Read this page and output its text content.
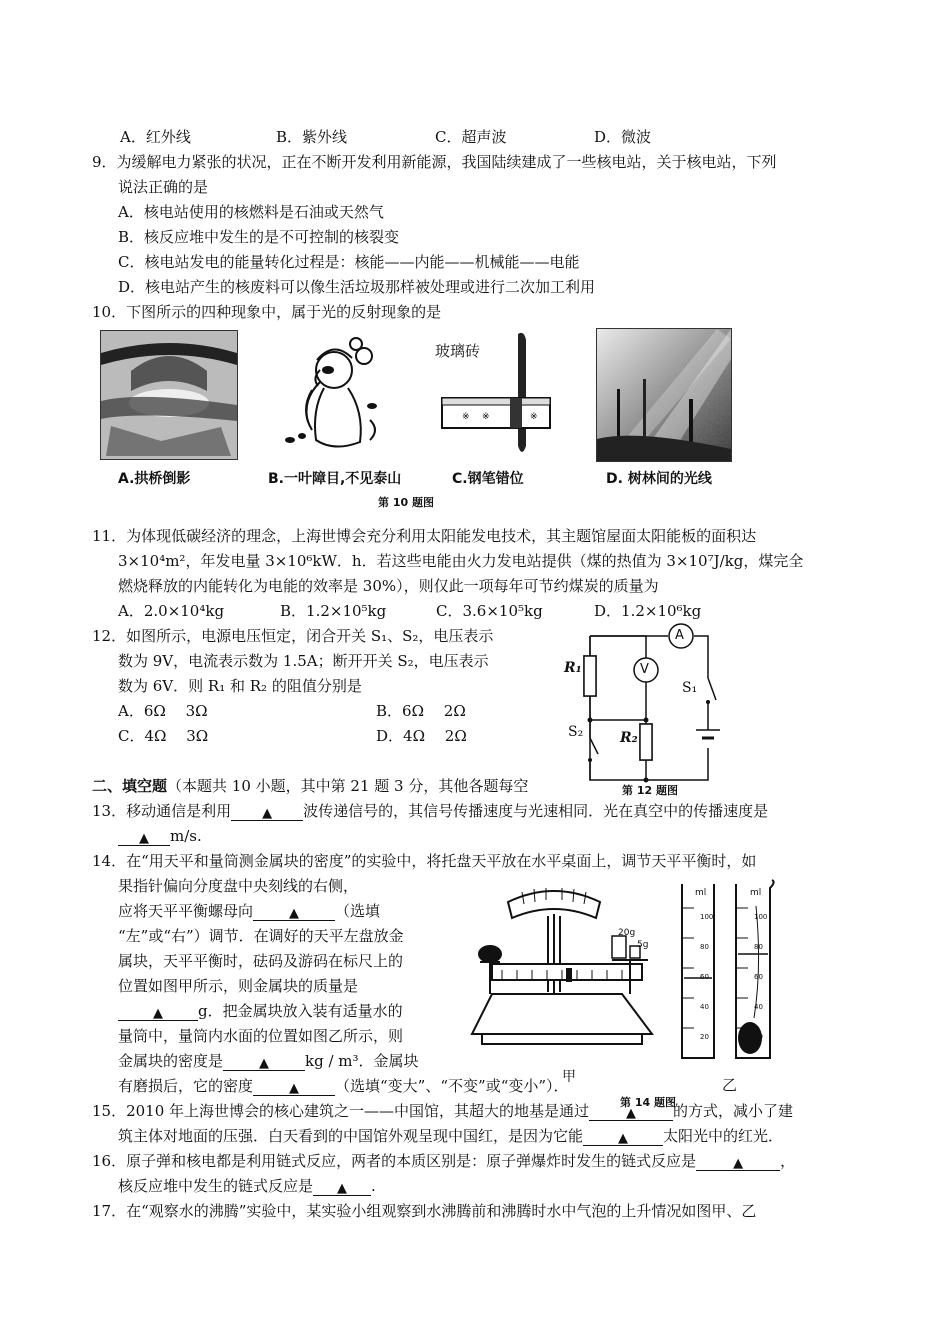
A．红外线	B．紫外线	C．超声波	D．微波
9．为缓解电力紧张的状况，正在不断开发利用新能源，我国陆续建成了一些核电站，关于核电站，下列
说法正确的是
A．核电站使用的核燃料是石油或天然气
B．核反应堆中发生的是不可控制的核裂变
C．核电站发电的能量转化过程是：核能——内能——机械能——电能
D．核电站产生的核废料可以像生活垃圾那样被处理或进行二次加工利用
10．下图所示的四种现象中，属于光的反射现象的是
A.拱桥倒影	B.一叶障目,不见泰山
※ ※	※
玻璃砖
C.钢笔错位	D. 树林间的光线
第 10 题图
11．为体现低碳经济的理念，上海世博会充分利用太阳能发电技术，其主题馆屋面太阳能板的面积达
3×10⁴m²，年发电量 3×10⁶kW．h．若这些电能由火力发电站提供（煤的热值为 3×10⁷J/kg，煤完全
燃烧释放的内能转化为电能的效率是 30%），则仅此一项每年可节约煤炭的质量为
A．2.0×10⁴kg	B．1.2×10⁵kg	C．3.6×10⁵kg	D．1.2×10⁶kg
12．如图所示，电源电压恒定，闭合开关 S₁、S₂，电压表示
数为 9V，电流表示数为 1.5A；断开开关 S₂，电压表示
数为 6V．则 R₁ 和 R₂ 的阻值分别是
A．6Ω　 3Ω	B．6Ω　 2Ω
C．4Ω　 3Ω	D．4Ω　 2Ω
A
V
R₁
R₂
S₁
S₂
第 12 题图
二、填空题（本题共 10 小题，其中第 21 题 3 分，其他各题每空
13．移动通信是利用 ▲ 波传递信号的，其信号传播速度与光速相同．光在真空中的传播速度是
▲ m/s.
14．在“用天平和量筒测金属块的密度”的实验中，将托盘天平放在水平桌面上，调节天平平衡时，如
果指针偏向分度盘中央刻线的右侧，
应将天平平衡螺母向	▲ （选填
“左”或“右”）调节．在调好的天平左盘放金
属块，天平平衡时，砝码及游码在标尺上的
位置如图甲所示，则金属块的质量是
▲ g．把金属块放入装有适量水的
量筒中，量筒内水面的位置如图乙所示，则
金属块的密度是	▲ kg / m³．金属块
有磨损后，它的密度	▲ （选填“变大”、“不变”或“变小”）．
20g
5g
ml	ml
100
80
60
40
20
100
80
60
40
20
甲	乙
第 14 题图
15．2010 年上海世博会的核心建筑之一——中国馆，其超大的地基是通过	▲ 的方式，减小了建
筑主体对地面的压强．白天看到的中国馆外观呈现中国红，是因为它能	▲ 太阳光中的红光．
16．原子弹和核电都是利用链式反应，两者的本质区别是：原子弹爆炸时发生的链式反应是	▲ ，
核反应堆中发生的链式反应是 ▲ .
17．在“观察水的沸腾”实验中，某实验小组观察到水沸腾前和沸腾时水中气泡的上升情况如图甲、乙
